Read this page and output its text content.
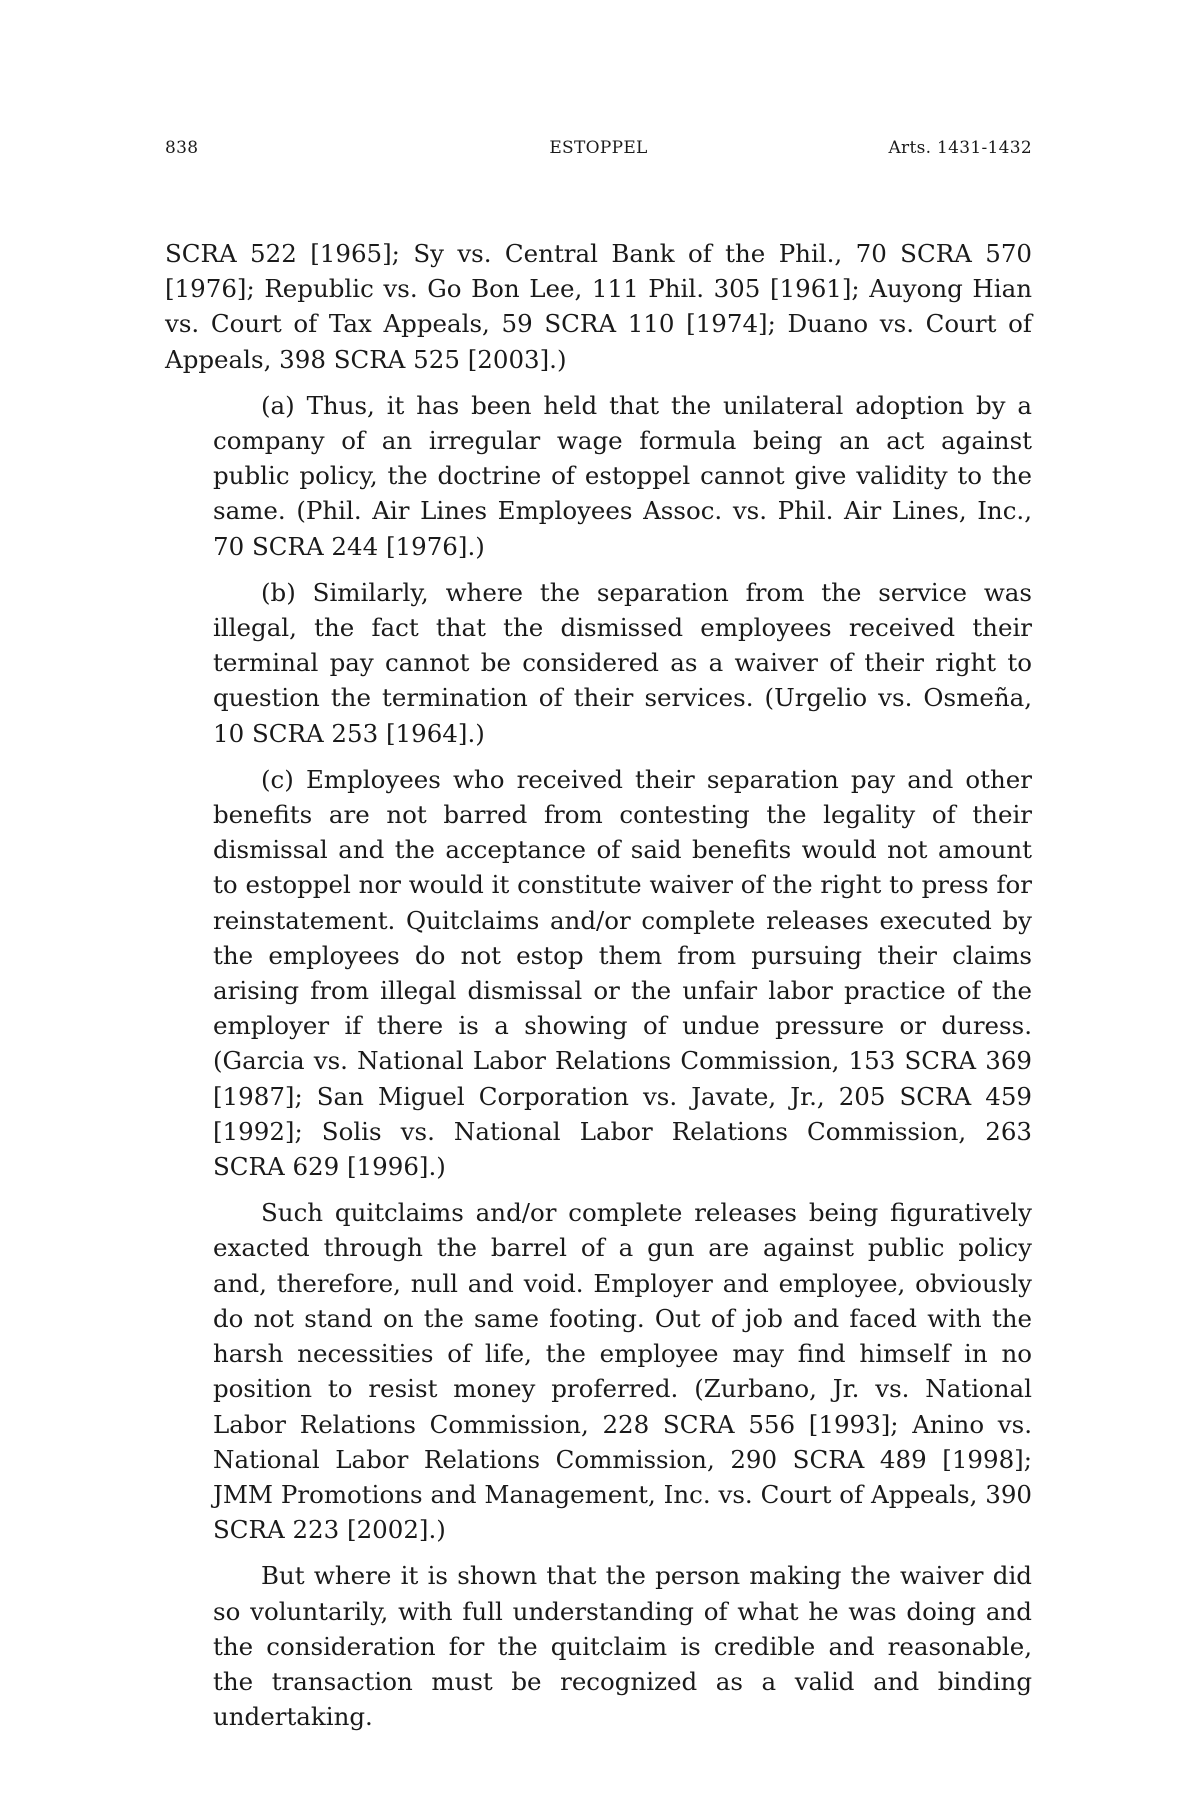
838	ESTOPPEL	Arts. 1431-1432

SCRA 522 [1965]; Sy vs. Central Bank of the Phil., 70 SCRA 570 [1976]; Republic vs. Go Bon Lee, 111 Phil. 305 [1961]; Auyong Hian vs. Court of Tax Appeals, 59 SCRA 110 [1974]; Duano vs. Court of Appeals, 398 SCRA 525 [2003].)

(a) Thus, it has been held that the unilateral adoption by a company of an irregular wage formula being an act against public policy, the doctrine of estoppel cannot give validity to the same. (Phil. Air Lines Employees Assoc. vs. Phil. Air Lines, Inc., 70 SCRA 244 [1976].)

(b) Similarly, where the separation from the service was illegal, the fact that the dismissed employees received their terminal pay cannot be considered as a waiver of their right to question the termination of their services. (Urgelio vs. Osmeña, 10 SCRA 253 [1964].)

(c) Employees who received their separation pay and other benefits are not barred from contesting the legality of their dismissal and the acceptance of said benefits would not amount to estoppel nor would it constitute waiver of the right to press for reinstatement. Quitclaims and/or complete releases executed by the employees do not estop them from pursuing their claims arising from illegal dismissal or the unfair labor practice of the employer if there is a showing of undue pressure or duress. (Garcia vs. National Labor Relations Commission, 153 SCRA 369 [1987]; San Miguel Corporation vs. Javate, Jr., 205 SCRA 459 [1992]; Solis vs. National Labor Relations Commission, 263 SCRA 629 [1996].)

Such quitclaims and/or complete releases being figuratively exacted through the barrel of a gun are against public policy and, therefore, null and void. Employer and employee, obviously do not stand on the same footing. Out of job and faced with the harsh necessities of life, the employee may find himself in no position to resist money proferred. (Zurbano, Jr. vs. National Labor Relations Commission, 228 SCRA 556 [1993]; Anino vs. National Labor Relations Commission, 290 SCRA 489 [1998]; JMM Promotions and Management, Inc. vs. Court of Appeals, 390 SCRA 223 [2002].)

But where it is shown that the person making the waiver did so voluntarily, with full understanding of what he was doing and the consideration for the quitclaim is credible and reasonable, the transaction must be recognized as a valid and binding undertaking.
